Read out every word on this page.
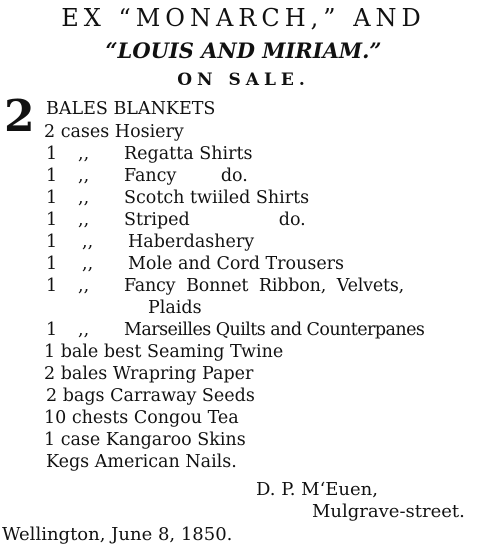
EX “MONARCH,” AND
“LOUIS AND MIRIAM.”
ON SALE.
2 BALES BLANKETS
2 cases Hosiery
1 ,, Regatta Shirts
1 ,, Fancy        do.
1 ,, Scotch twiiled Shirts
1 ,, Striped                do.
1 ,, Haberdashery
1 ,, Mole and Cord Trousers
1 ,, Fancy  Bonnet  Ribbon,  Velvets,
Plaids
1 ,, Marseilles Quilts and Counterpanes
1 bale best Seaming Twine
2 bales Wrapring Paper
2 bags Carraway Seeds
10 chests Congou Tea
1 case Kangaroo Skins
Kegs American Nails.
D. P. M‘Euen,
Mulgrave-street.
Wellington, June 8, 1850.
